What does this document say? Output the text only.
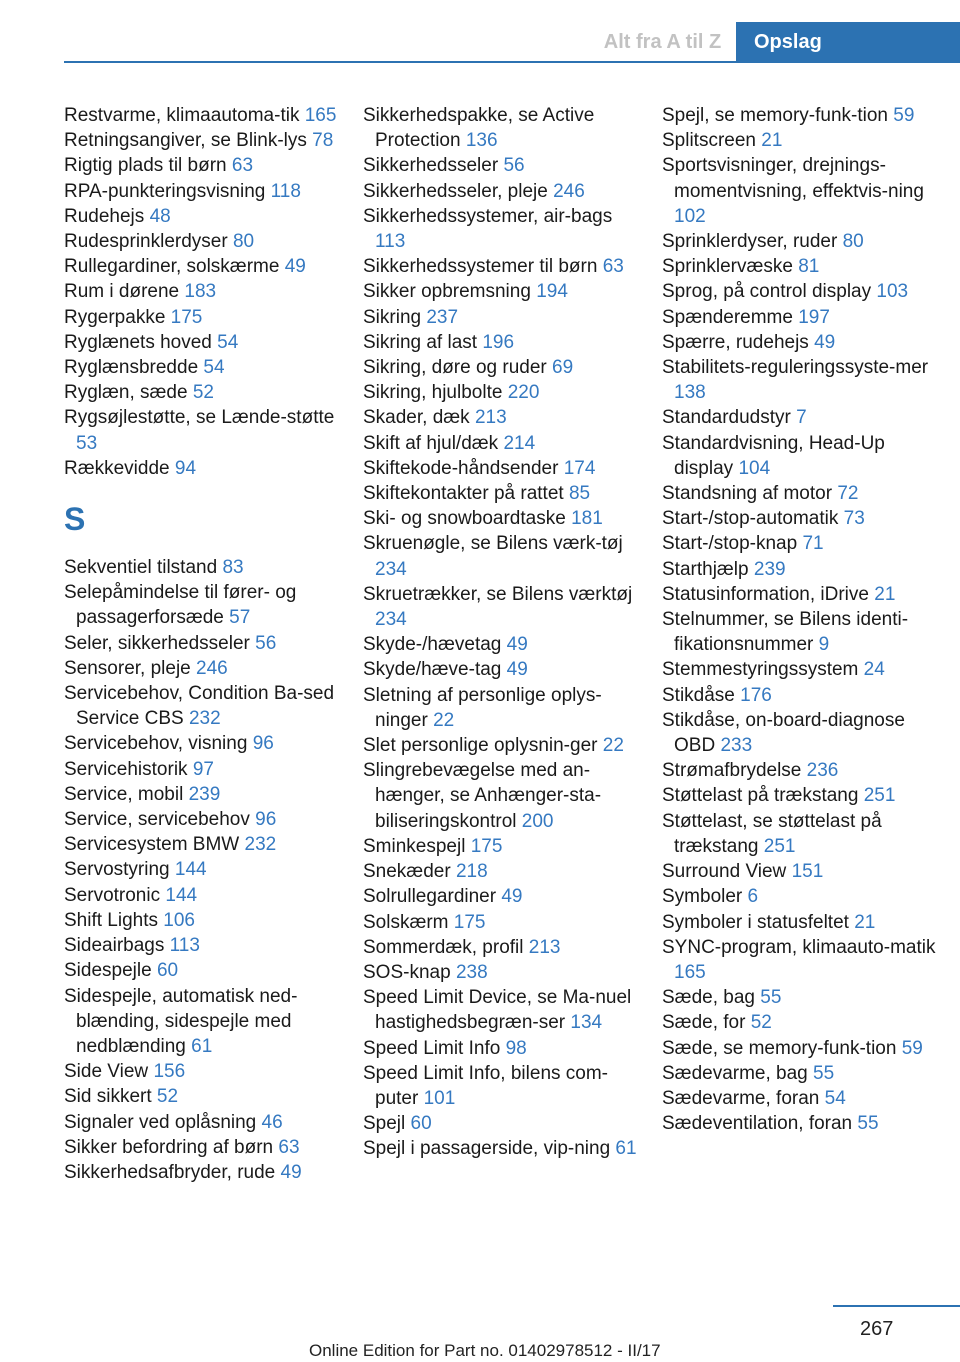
Alt fra A til Z	Opslag

Restvarme, klimaautoma-tik 165

Retningsangiver, se Blink-lys 78

Rigtig plads til børn 63

RPA-punkteringsvisning 118

Rudehejs 48

Rudesprinklerdyser 80

Rullegardiner, solskærme 49

Rum i dørene 183

Rygerpakke 175

Ryglænets hoved 54

Ryglænsbredde 54

Ryglæn, sæde 52

Rygsøjlestøtte, se Lænde-støtte 53

Rækkevidde 94

S

Sekventiel tilstand 83

Selepåmindelse til fører- og passagerforsæde 57

Seler, sikkerhedsseler 56

Sensorer, pleje 246

Servicebehov, Condition Ba-sed Service CBS 232

Servicebehov, visning 96

Servicehistorik 97

Service, mobil 239

Service, servicebehov 96

Servicesystem BMW 232

Servostyring 144

Servotronic 144

Shift Lights 106

Sideairbags 113

Sidespejle 60

Sidespejle, automatisk ned-blænding, sidespejle med nedblænding 61

Side View 156

Sid sikkert 52

Signaler ved oplåsning 46

Sikker befordring af børn 63

Sikkerhedsafbryder, rude 49

Sikkerhedspakke, se Active Protection 136

Sikkerhedsseler 56

Sikkerhedsseler, pleje 246

Sikkerhedssystemer, air-bags 113

Sikkerhedssystemer til børn 63

Sikker opbremsning 194

Sikring 237

Sikring af last 196

Sikring, døre og ruder 69

Sikring, hjulbolte 220

Skader, dæk 213

Skift af hjul/dæk 214

Skiftekode-håndsender 174

Skiftekontakter på rattet 85

Ski- og snowboardtaske 181

Skruenøgle, se Bilens værk-tøj 234

Skruetrækker, se Bilens værktøj 234

Skyde-/hævetag 49

Skyde/hæve-tag 49

Sletning af personlige oplys-ninger 22

Slet personlige oplysnin-ger 22

Slingrebevægelse med an-hænger, se Anhænger-sta-biliseringskontrol 200

Sminkespejl 175

Snekæder 218

Solrullegardiner 49

Solskærm 175

Sommerdæk, profil 213

SOS-knap 238

Speed Limit Device, se Ma-nuel hastighedsbegræn-ser 134

Speed Limit Info 98

Speed Limit Info, bilens com-puter 101

Spejl 60

Spejl i passagerside, vip-ning 61

Spejl, se memory-funk-tion 59

Splitscreen 21

Sportsvisninger, drejnings-momentvisning, effektvis-ning 102

Sprinklerdyser, ruder 80

Sprinklervæske 81

Sprog, på control display 103

Spænderemme 197

Spærre, rudehejs 49

Stabilitets-reguleringssyste-mer 138

Standardudstyr 7

Standardvisning, Head-Up display 104

Standsning af motor 72

Start-/stop-automatik 73

Start-/stop-knap 71

Starthjælp 239

Statusinformation, iDrive 21

Stelnummer, se Bilens identi-fikationsnummer 9

Stemmestyringssystem 24

Stikdåse 176

Stikdåse, on-board-diagnose OBD 233

Strømafbrydelse 236

Støttelast på trækstang 251

Støttelast, se støttelast på trækstang 251

Surround View 151

Symboler 6

Symboler i statusfeltet 21

SYNC-program, klimaauto-matik 165

Sæde, bag 55

Sæde, for 52

Sæde, se memory-funk-tion 59

Sædevarme, bag 55

Sædevarme, foran 54

Sædeventilation, foran 55

267
Online Edition for Part no. 01402978512 - II/17
